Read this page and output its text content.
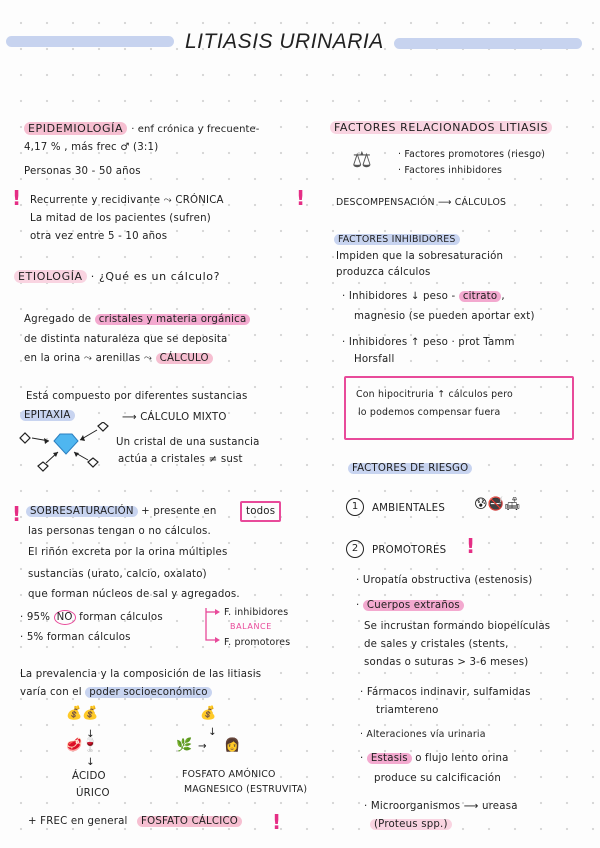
LITIASIS URINARIA
EPIDEMIOLOGÍA · enf crónica y frecuente-
4,17 % , más frec ♂ (3:1)
Personas 30 - 50 años
! Recurrente y recidivante ⤳ CRÓNICA	!
La mitad de los pacientes (sufren)
otra vez entre 5 - 10 años
ETIOLOGÍA · ¿Qué es un cálculo?
Agregado de cristales y materia orgánica
de distinta naturaleza que se deposita
en la orina ⤳ arenillas ⤳ CÁLCULO
Está compuesto por diferentes sustancias
EPITAXIA	⟶ CÁLCULO MIXTO
Un cristal de una sustancia
actúa a cristales ≠ sust
! SOBRESATURACIÓN + presente en	todos
las personas tengan o no cálculos.
El riñón excreta por la orina múltiples
sustancias (urato, calcio, oxalato)
que forman núcleos de sal y agregados.
· 95% NO forman cálculos
· 5% forman cálculos
F. inhibidores
BALANCE
F. promotores
La prevalencia y la composición de las litiasis
varía con el poder socioeconómico
💰💰	💰
↓	↓
🥩🍷	🌿 → 👩
↓
ÁCIDO
ÚRICO
FOSFATO AMÓNICO
MAGNESICO (ESTRUVITA)
+ FREC en general FOSFATO CÁLCICO !
FACTORES RELACIONADOS LITIASIS
⚖	· Factores promotores (riesgo)
· Factores inhibidores
DESCOMPENSACIÓN ⟶ CÁLCULOS
FACTORES INHIBIDORES
Impiden que la sobresaturación
produzca cálculos
· Inhibidores ↓ peso - citrato ,
magnesio (se pueden aportar ext)
· Inhibidores ↑ peso · prot Tamm
Horsfall
Con hipocitruria ↑ cálculos pero
lo podemos compensar fuera
FACTORES DE RIESGO
1	AMBIENTALES 😰🚭🛋
2	PROMOTORES !
· Uropatía obstructiva (estenosis)
· Cuerpos extraños
Se incrustan formando biopelículas
de sales y cristales (stents,
sondas o suturas > 3-6 meses)
· Fármacos indinavir, sulfamidas
triamtereno
· Alteraciones vía urinaria
· Estasis o flujo lento orina
produce su calcificación
· Microorganismos ⟶ ureasa
(Proteus spp.)
